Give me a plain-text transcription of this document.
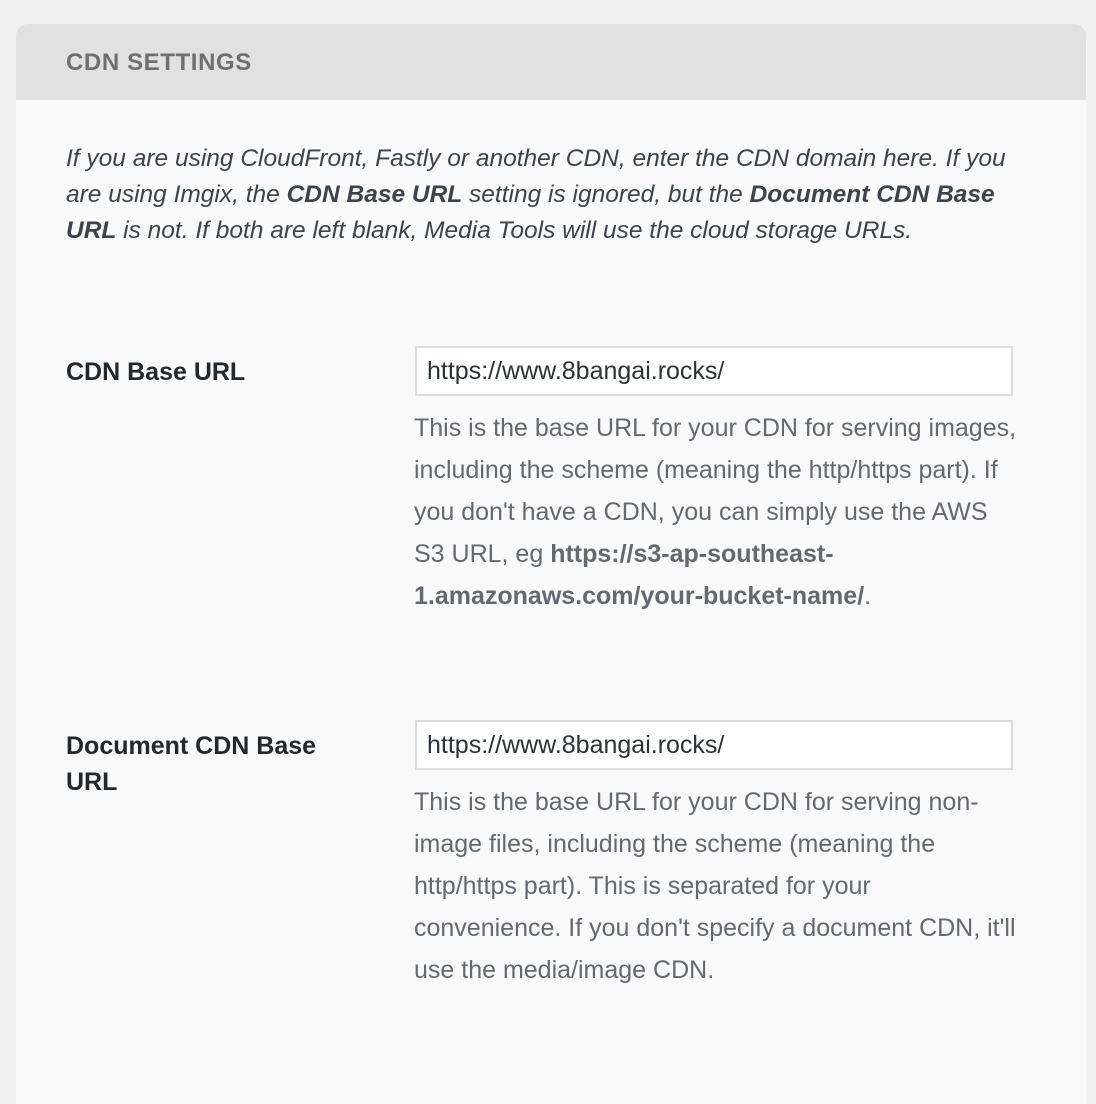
CDN SETTINGS
If you are using CloudFront, Fastly or another CDN, enter the CDN domain here. If you are using Imgix, the CDN Base URL setting is ignored, but the Document CDN Base URL is not. If both are left blank, Media Tools will use the cloud storage URLs.
CDN Base URL
https://www.8bangai.rocks/
This is the base URL for your CDN for serving images, including the scheme (meaning the http/https part). If you don't have a CDN, you can simply use the AWS S3 URL, eg https://s3-ap-southeast-1.amazonaws.com/your-bucket-name/.
Document CDN Base URL
https://www.8bangai.rocks/
This is the base URL for your CDN for serving non-image files, including the scheme (meaning the http/https part). This is separated for your convenience. If you don't specify a document CDN, it'll use the media/image CDN.
